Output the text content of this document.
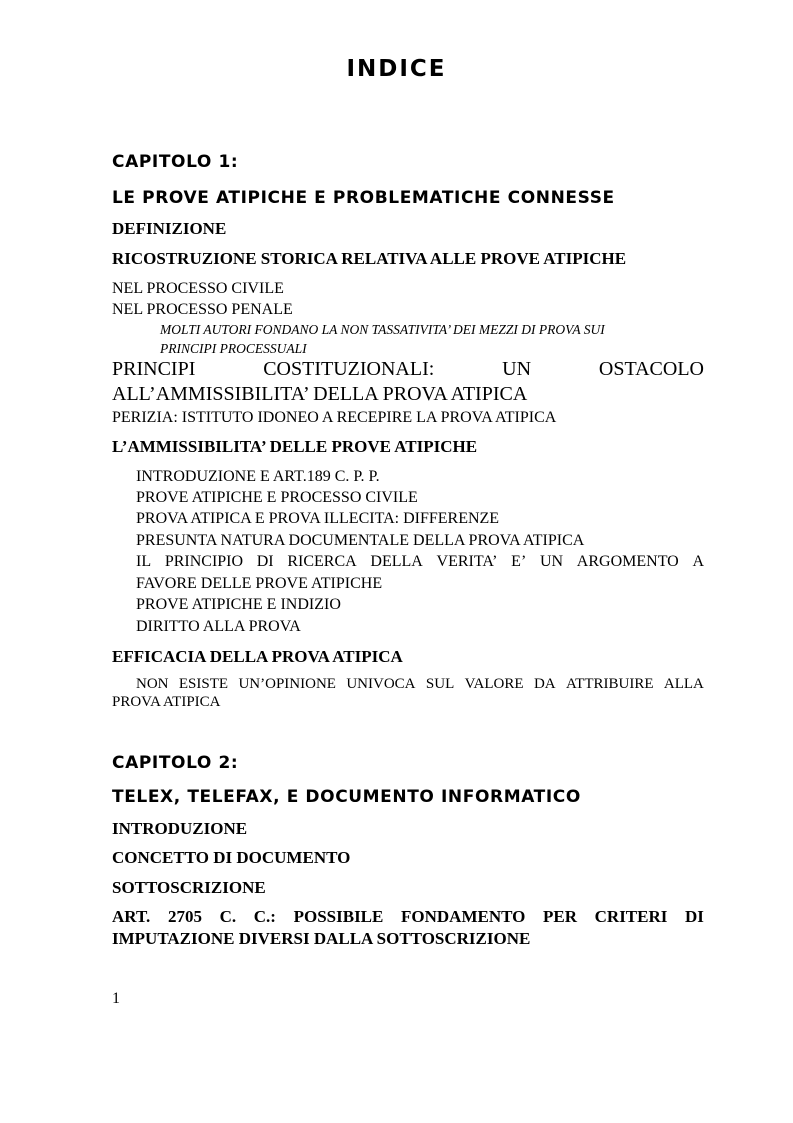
INDICE
CAPITOLO 1:
LE PROVE ATIPICHE E PROBLEMATICHE CONNESSE
DEFINIZIONE
RICOSTRUZIONE STORICA RELATIVA ALLE PROVE ATIPICHE
NEL PROCESSO CIVILE
NEL PROCESSO PENALE
MOLTI AUTORI FONDANO LA NON TASSATIVITA’ DEI MEZZI DI PROVA SUI
PRINCIPI PROCESSUALI
PRINCIPI	COSTITUZIONALI:	UN	OSTACOLO
ALL’AMMISSIBILITA’ DELLA PROVA ATIPICA
PERIZIA: ISTITUTO IDONEO A RECEPIRE LA PROVA ATIPICA
L’AMMISSIBILITA’ DELLE PROVE ATIPICHE
INTRODUZIONE E ART.189 C. P. P.
PROVE ATIPICHE E PROCESSO CIVILE
PROVA ATIPICA E PROVA ILLECITA: DIFFERENZE
PRESUNTA NATURA DOCUMENTALE DELLA PROVA ATIPICA
IL PRINCIPIO DI RICERCA DELLA VERITA’ E’ UN ARGOMENTO A
FAVORE DELLE PROVE ATIPICHE
PROVE ATIPICHE E INDIZIO
DIRITTO ALLA PROVA
EFFICACIA DELLA PROVA ATIPICA
NON ESISTE UN’OPINIONE UNIVOCA SUL VALORE DA ATTRIBUIRE ALLA
PROVA ATIPICA
CAPITOLO 2:
TELEX, TELEFAX, E DOCUMENTO INFORMATICO
INTRODUZIONE
CONCETTO DI DOCUMENTO
SOTTOSCRIZIONE
ART. 2705 C. C.: POSSIBILE FONDAMENTO PER CRITERI DI
IMPUTAZIONE DIVERSI DALLA SOTTOSCRIZIONE
1
